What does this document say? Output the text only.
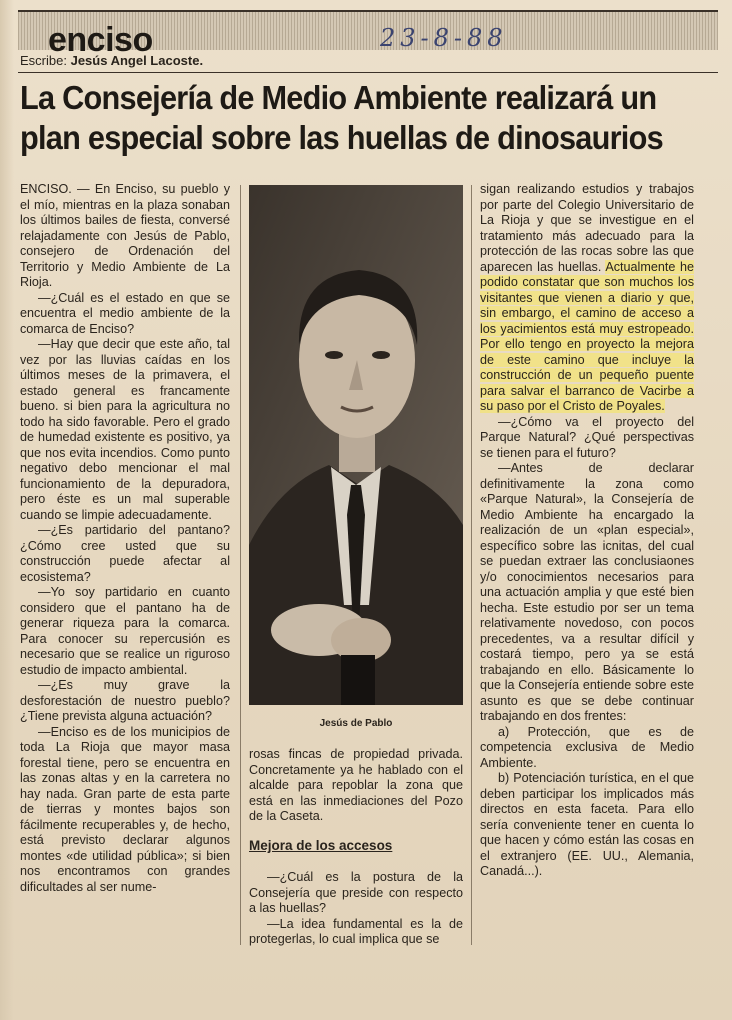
enciso	23-8-88
Escribe: Jesús Angel Lacoste.
La Consejería de Medio Ambiente realizará un plan especial sobre las huellas de dinosaurios

ENCISO. — En Enciso, su pueblo y el mío, mientras en la plaza sonaban los últimos bailes de fiesta, conversé relajadamente con Jesús de Pablo, consejero de Ordenación del Territorio y Medio Ambiente de La Rioja.

—¿Cuál es el estado en que se encuentra el medio ambiente de la comarca de Enciso?

—Hay que decir que este año, tal vez por las lluvias caídas en los últimos meses de la primavera, el estado general es francamente bueno. si bien para la agricultura no todo ha sido favorable. Pero el grado de humedad existente es positivo, ya que nos evita incendios. Como punto negativo debo mencionar el mal funcionamiento de la depuradora, pero éste es un mal superable cuando se limpie adecuadamente.

—¿Es partidario del pantano? ¿Cómo cree usted que su construcción puede afectar al ecosistema?

—Yo soy partidario en cuanto considero que el pantano ha de generar riqueza para la comarca. Para conocer su repercusión es necesario que se realice un riguroso estudio de impacto ambiental.

—¿Es muy grave la desforestación de nuestro pueblo? ¿Tiene prevista alguna actuación?

—Enciso es de los municipios de toda La Rioja que mayor masa forestal tiene, pero se encuentra en las zonas altas y en la carretera no hay nada. Gran parte de esta parte de tierras y montes bajos son fácilmente recuperables y, de hecho, está previsto declarar algunos montes «de utilidad pública»; si bien nos encontramos con grandes dificultades al ser nume-

Jesús de Pablo

rosas fincas de propiedad privada. Concretamente ya he hablado con el alcalde para repoblar la zona que está en las inmediaciones del Pozo de la Caseta.

Mejora de los accesos

—¿Cuál es la postura de la Consejería que preside con respecto a las huellas?

—La idea fundamental es la de protegerlas, lo cual implica que se

sigan realizando estudios y trabajos por parte del Colegio Universitario de La Rioja y que se investigue en el tratamiento más adecuado para la protección de las rocas sobre las que aparecen las huellas. Actualmente he podido constatar que son muchos los visitantes que vienen a diario y que, sin embargo, el camino de acceso a los yacimientos está muy estropeado. Por ello tengo en proyecto la mejora de este camino que incluye la construcción de un pequeño puente para salvar el barranco de Vacirbe a su paso por el Cristo de Poyales.

—¿Cómo va el proyecto del Parque Natural? ¿Qué perspectivas se tienen para el futuro?

—Antes de declarar definitivamente la zona como «Parque Natural», la Consejería de Medio Ambiente ha encargado la realización de un «plan especial», específico sobre las icnitas, del cual se puedan extraer las conclusiaones y/o conocimientos necesarios para una actuación amplia y que esté bien hecha. Este estudio por ser un tema relativamente novedoso, con pocos precedentes, va a resultar difícil y costará tiempo, pero ya se está trabajando en ello. Básicamente lo que la Consejería entiende sobre este asunto es que se debe continuar trabajando en dos frentes:

a) Protección, que es de competencia exclusiva de Medio Ambiente.

b) Potenciación turística, en el que deben participar los implicados más directos en esta faceta. Para ello sería conveniente tener en cuenta lo que hacen y cómo están las cosas en el extranjero (EE. UU., Alemania, Canadá...).
